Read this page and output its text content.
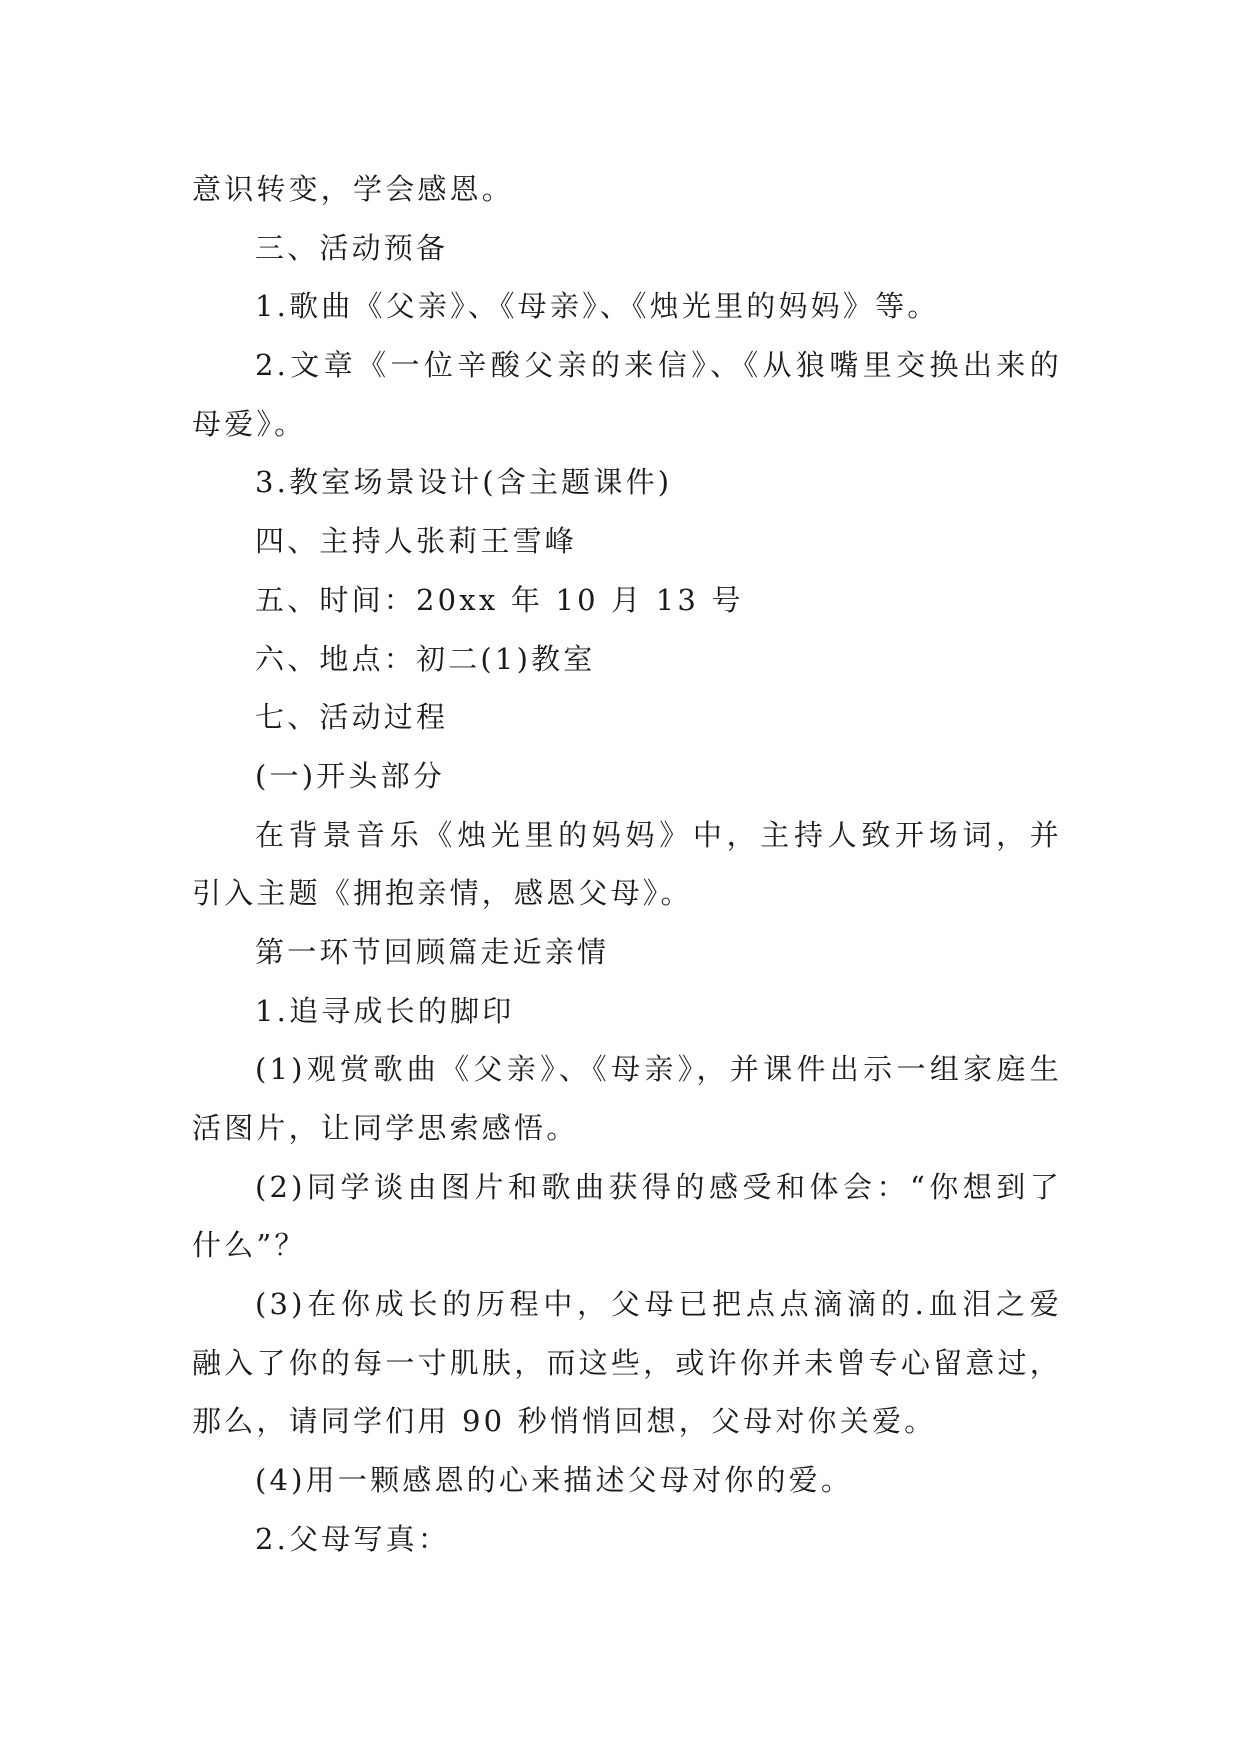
意识转变，学会感恩。
三、活动预备
1.歌曲《父亲》、《母亲》、《烛光里的妈妈》等。
2.文章《一位辛酸父亲的来信》、《从狼嘴里交换出来的
母爱》。
3.教室场景设计(含主题课件)
四、主持人张莉王雪峰
五、时间：20xx 年 10 月 13 号
六、地点：初二(1)教室
七、活动过程
(一)开头部分
在背景音乐《烛光里的妈妈》中，主持人致开场词，并
引入主题《拥抱亲情，感恩父母》。
第一环节回顾篇走近亲情
1.追寻成长的脚印
(1)观赏歌曲《父亲》、《母亲》，并课件出示一组家庭生
活图片，让同学思索感悟。
(2)同学谈由图片和歌曲获得的感受和体会：“你想到了
什么”？
(3)在你成长的历程中，父母已把点点滴滴的.血泪之爱
融入了你的每一寸肌肤，而这些，或许你并未曾专心留意过，
那么，请同学们用 90 秒悄悄回想，父母对你关爱。
(4)用一颗感恩的心来描述父母对你的爱。
2.父母写真：
